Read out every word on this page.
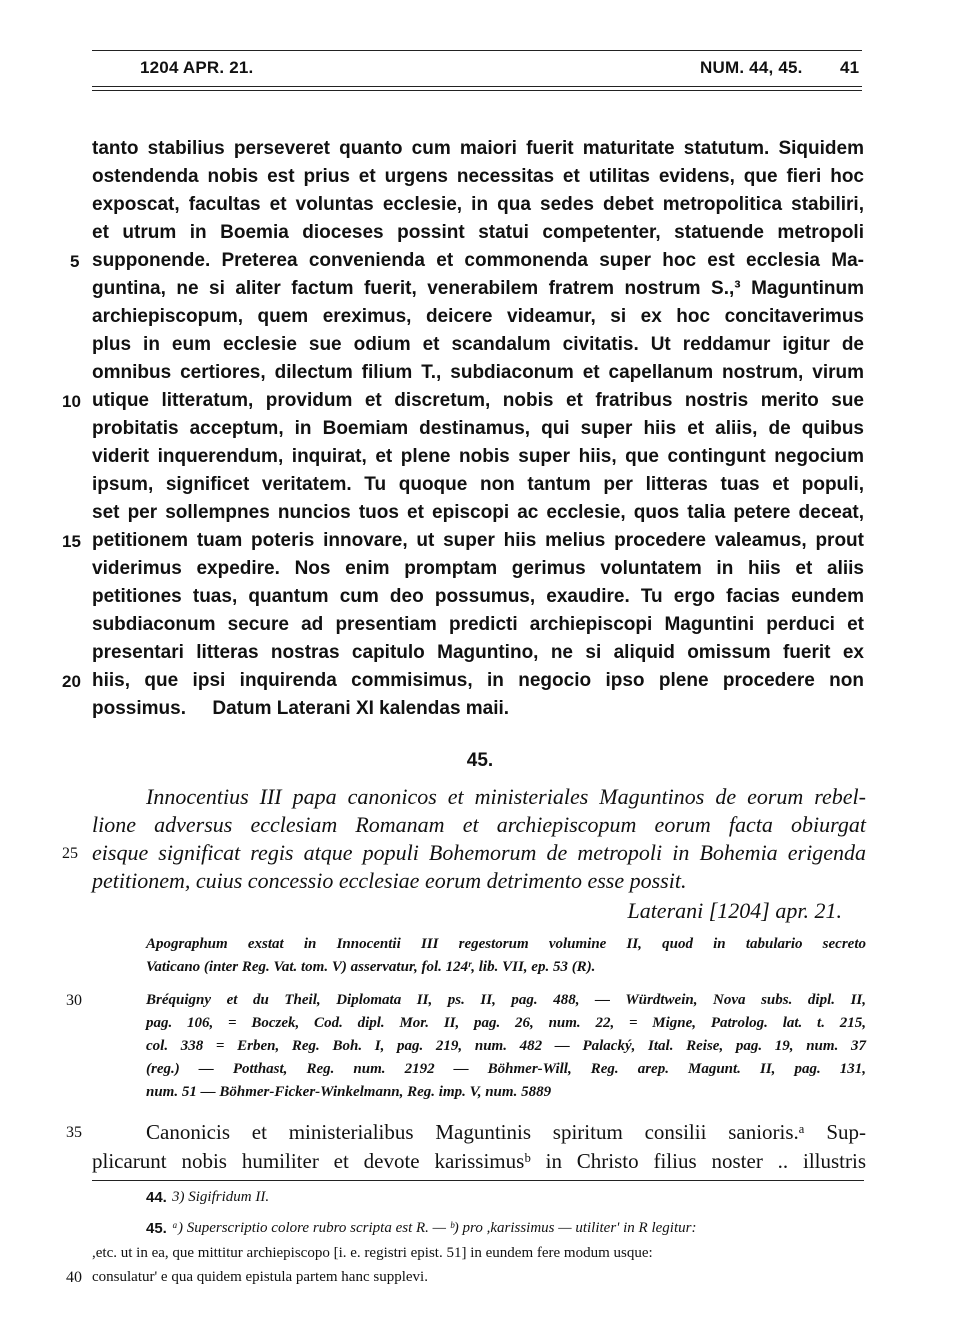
1204 APR. 21.	NUM. 44, 45. 41
tanto stabilius perseveret quanto cum maiori fuerit maturitate statutum. Siquidem
ostendenda nobis est prius et urgens necessitas et utilitas evidens, que fieri hoc
exposcat, facultas et voluntas ecclesie, in qua sedes debet metropolitica stabiliri,
et utrum in Boemia dioceses possint statui competenter, statuende metropoli
supponende. Preterea convenienda et commonenda super hoc est ecclesia Ma-
guntina, ne si aliter factum fuerit, venerabilem fratrem nostrum S.,³ Maguntinum
archiepiscopum, quem ereximus, deicere videamur, si ex hoc concitaverimus
plus in eum ecclesie sue odium et scandalum civitatis. Ut reddamur igitur de
omnibus certiores, dilectum filium T., subdiaconum et capellanum nostrum, virum
utique litteratum, providum et discretum, nobis et fratribus nostris merito sue
probitatis acceptum, in Boemiam destinamus, qui super hiis et aliis, de quibus
viderit inquerendum, inquirat, et plene nobis super hiis, que contingunt negocium
ipsum, significet veritatem. Tu quoque non tantum per litteras tuas et populi,
set per sollempnes nuncios tuos et episcopi ac ecclesie, quos talia petere deceat,
petitionem tuam poteris innovare, ut super hiis melius procedere valeamus, prout
viderimus expedire. Nos enim promptam gerimus voluntatem in hiis et aliis
petitiones tuas, quantum cum deo possumus, exaudire. Tu ergo facias eundem
subdiaconum secure ad presentiam predicti archiepiscopi Maguntini perduci et
presentari litteras nostras capitulo Maguntino, ne si aliquid omissum fuerit ex
hiis, que ipsi inquirenda commisimus, in negocio ipso plene procedere non
possimus.     Datum Laterani XI kalendas maii.
5
10
15
20
25
30
35
40
45.
Innocentius III papa canonicos et ministeriales Maguntinos de eorum rebel-
lione adversus ecclesiam Romanam et archiepiscopum eorum facta obiurgat
eisque significat regis atque populi Bohemorum de metropoli in Bohemia erigenda
petitionem, cuius concessio ecclesiae eorum detrimento esse possit.
Laterani [1204] apr. 21.
Apographum exstat in Innocentii III regestorum volumine II, quod in tabulario secreto
Vaticano (inter Reg. Vat. tom. V) asservatur, fol. 124ʳ, lib. VII, ep. 53 (R).
Bréquigny et du Theil, Diplomata II, ps. II, pag. 488, — Würdtwein, Nova subs. dipl. II,
pag. 106, = Boczek, Cod. dipl. Mor. II, pag. 26, num. 22, = Migne, Patrolog. lat. t. 215,
col. 338 = Erben, Reg. Boh. I, pag. 219, num. 482 — Palacký, Ital. Reise, pag. 19, num. 37
(reg.) — Potthast, Reg. num. 2192 — Böhmer-Will, Reg. arep. Magunt. II, pag. 131,
num. 51 — Böhmer-Ficker-Winkelmann, Reg. imp. V, num. 5889
Canonicis et ministerialibus Maguntinis spiritum consilii sanioris.ᵃ Sup-
plicarunt nobis humiliter et devote karissimusᵇ in Christo filius noster .. illustris
44. 3) Sigifridum II.
45. ᵃ) Superscriptio colore rubro scripta est R. — ᵇ) pro ,karissimus — utiliter' in R legitur:
,etc. ut in ea, que mittitur archiepiscopo [i. e. registri epist. 51] in eundem fere modum usque:
consulatur' e qua quidem epistula partem hanc supplevi.
